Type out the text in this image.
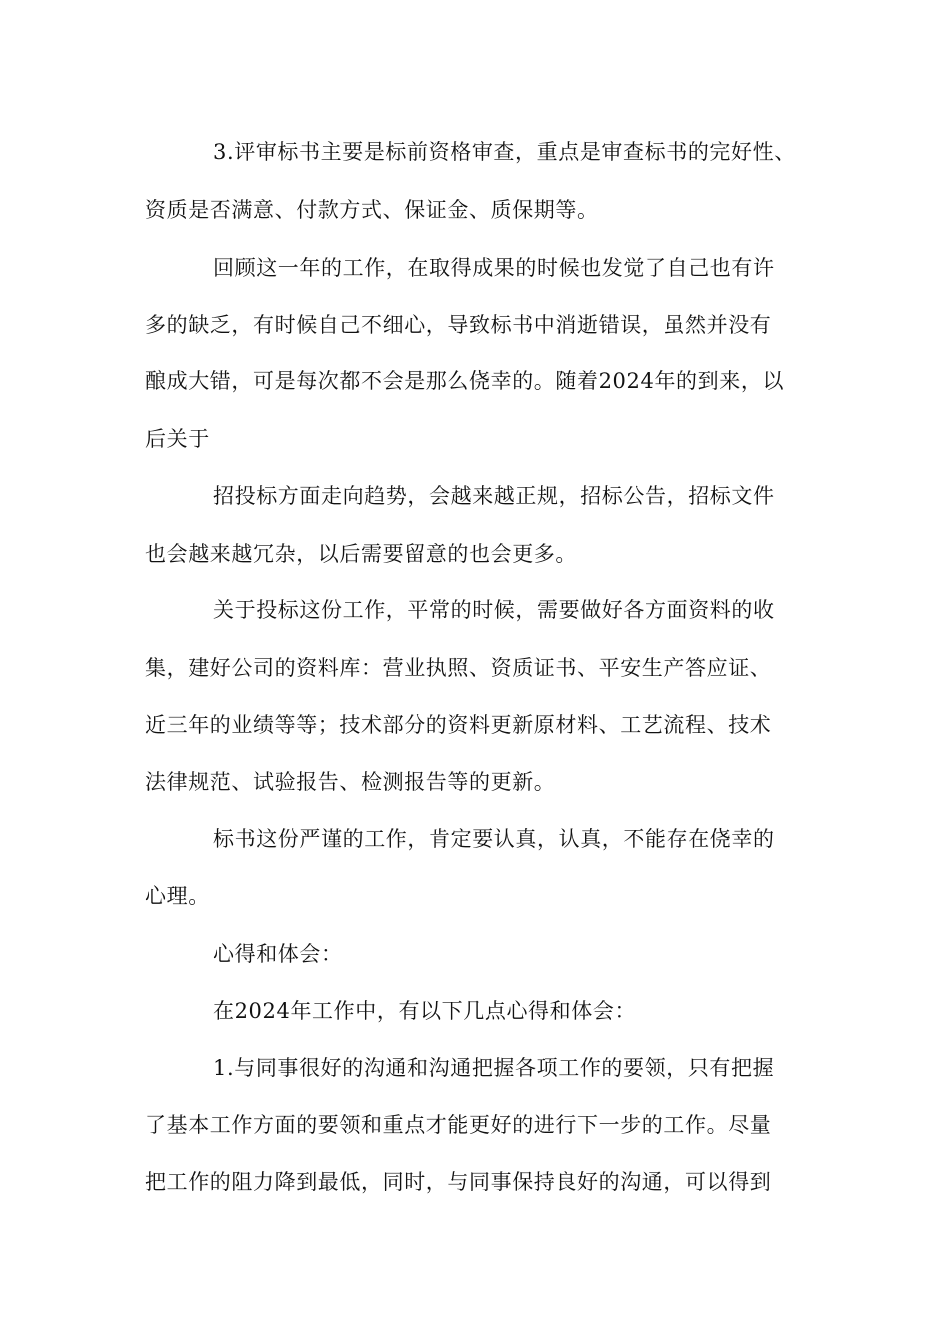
3.评审标书主要是标前资格审查，重点是审查标书的完好性、
资质是否满意、付款方式、保证金、质保期等。
回顾这一年的工作，在取得成果的时候也发觉了自己也有许
多的缺乏，有时候自己不细心，导致标书中消逝错误，虽然并没有
酿成大错，可是每次都不会是那么侥幸的。随着2024年的到来，以
后关于
招投标方面走向趋势，会越来越正规，招标公告，招标文件
也会越来越冗杂，以后需要留意的也会更多。
关于投标这份工作，平常的时候，需要做好各方面资料的收
集，建好公司的资料库：营业执照、资质证书、平安生产答应证、
近三年的业绩等等；技术部分的资料更新原材料、工艺流程、技术
法律规范、试验报告、检测报告等的更新。
标书这份严谨的工作，肯定要认真，认真，不能存在侥幸的
心理。
心得和体会：
在2024年工作中，有以下几点心得和体会：
1.与同事很好的沟通和沟通把握各项工作的要领，只有把握
了基本工作方面的要领和重点才能更好的进行下一步的工作。尽量
把工作的阻力降到最低，同时，与同事保持良好的沟通，可以得到
